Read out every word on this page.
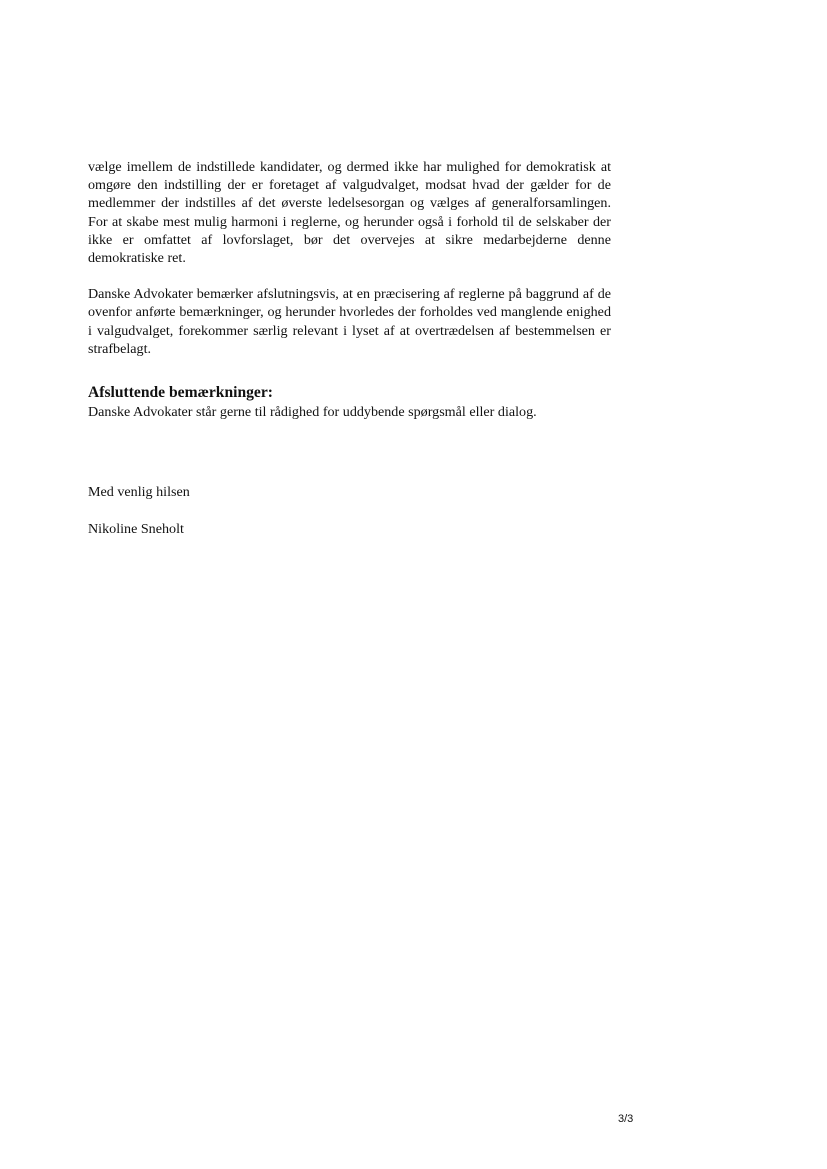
vælge imellem de indstillede kandidater, og dermed ikke har mulighed for demokratisk at omgøre den indstilling der er foretaget af valgudvalget, modsat hvad der gælder for de medlemmer der indstilles af det øverste ledelsesorgan og vælges af generalforsamlingen. For at skabe mest mulig harmoni i reglerne, og herunder også i forhold til de selskaber der ikke er omfattet af lovforslaget, bør det overvejes at sikre medarbejderne denne demokratiske ret.

Danske Advokater bemærker afslutningsvis, at en præcisering af reglerne på baggrund af de ovenfor anførte bemærkninger, og herunder hvorledes der forholdes ved manglende enighed i valgudvalget, forekommer særlig relevant i lyset af at overtrædelsen af bestemmelsen er strafbelagt.

Afsluttende bemærkninger:

Danske Advokater står gerne til rådighed for uddybende spørgsmål eller dialog.

Med venlig hilsen

Nikoline Sneholt

3/3
